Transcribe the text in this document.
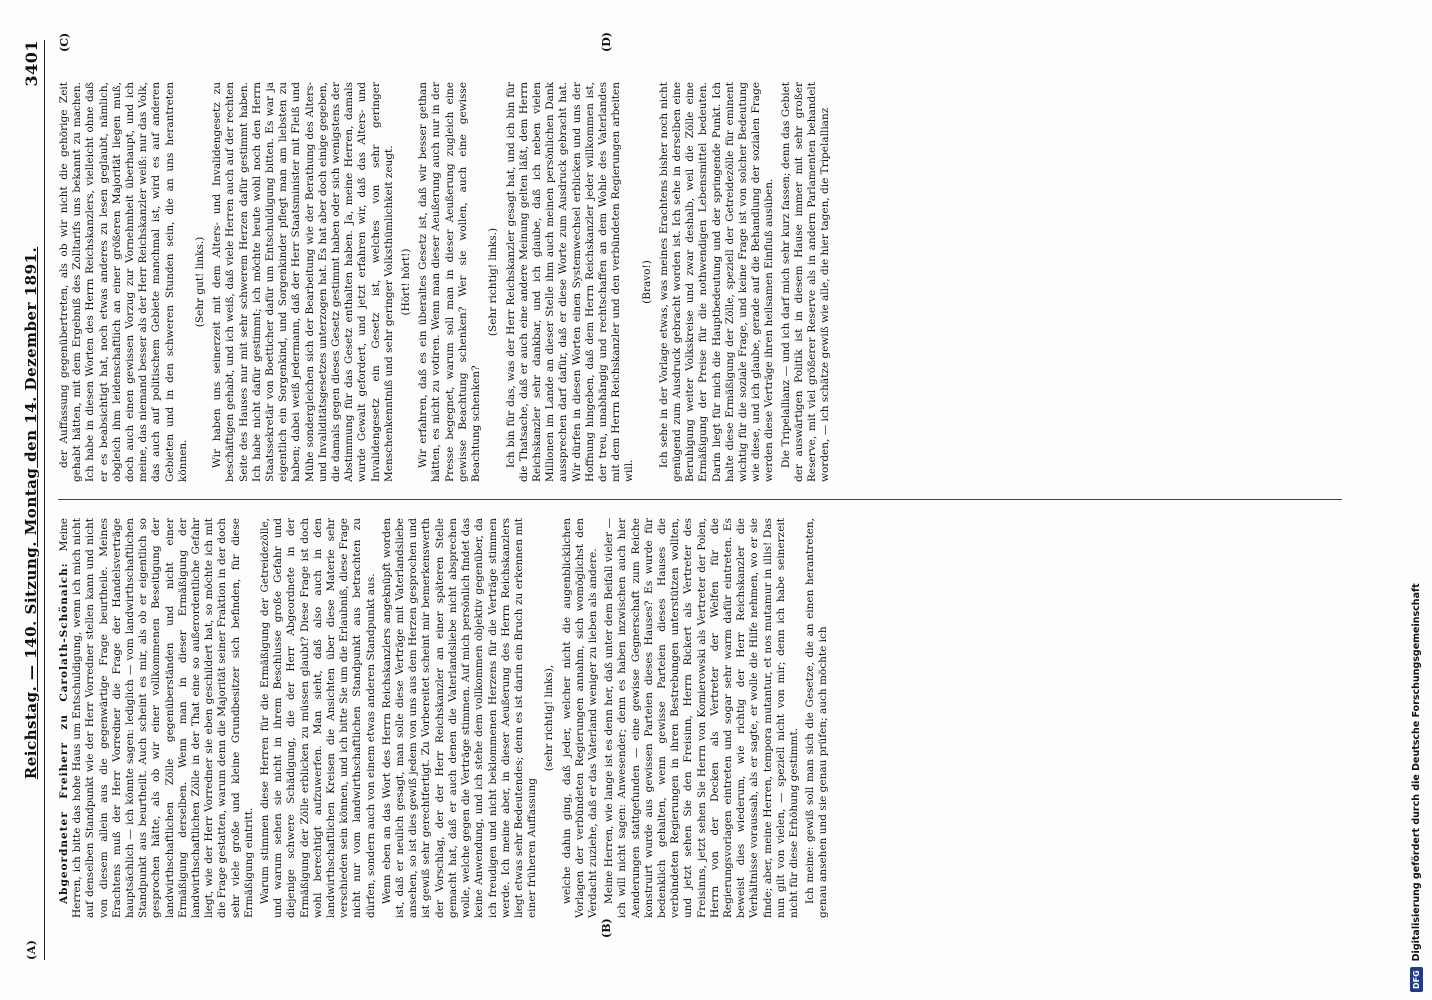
(A)
Reichstag. — 140. Sitzung. Montag den 14. Dezember 1891.
3401
(B)
(C)	(D)

Abgeordneter Freiherr zu Carolath-Schönaich: Meine Herren, ich bitte das hohe Haus um Entschuldigung, wenn ich mich nicht auf denselben Standpunkt wie der Herr Vorredner stellen kann und nicht von diesem allein aus die gegenwärtige Frage beurtheile. Meines Erachtens muß der Herr Vorredner die Frage der Handelsverträge hauptsächlich — ich könnte sagen: lediglich — vom landwirthschaftlichen Standpunkt aus beurtheilt. Auch scheint es mir, als ob er eigentlich so gesprochen hätte, als ob wir einer vollkommenen Beseitigung der landwirthschaftlichen Zölle gegenüberständen und nicht einer Ermäßigung derselben. Wenn man in dieser Ermäßigung der landwirthschaftlichen Zölle in der That eine so außerordentliche Gefahr liegt, wie der Herr Vorredner sie eben geschildert hat, so möchte ich mit die Frage gestatten, warum denn die Majorität seiner Fraktion in der doch sehr viele große und kleine Grundbesitzer sich befinden, für diese Ermäßigung eintritt. Warum stimmen diese Herren für die Ermäßigung der Getreidezölle, und warum sehen sie nicht in ihrem Beschlusse große Gefahr und diejenige schwere Schädigung, die der Herr Abgeordnete in der Ermäßigung der Zölle erblicken zu müssen glaubt? Diese Frage ist doch wohl berechtigt aufzuwerfen. Man sieht, daß also auch in den landwirthschaftlichen Kreisen die Ansichten über diese Materie sehr verschieden sein können, und ich bitte Sie um die Erlaubniß, diese Frage nicht nur vom landwirthschaftlichen Standpunkt aus betrachten zu dürfen, sondern auch von einem etwas anderen Standpunkt aus. Wenn eben an das Wort des Herrn Reichskanzlers angeknüpft worden ist, daß er neulich gesagt, man solle diese Verträge mit Vaterlandsliebe ansehen, so ist dies gewiß jedem von uns aus dem Herzen gesprochen und ist gewiß sehr gerechtfertigt. Zu Vorbereitet scheint mir bemerkenswerth der Vorschlag, der der Herr Reichskanzler an einer späteren Stelle gemacht hat, daß er auch denen die Vaterlandsliebe nicht absprechen wolle, welche gegen die Verträge stimmen. Auf mich persönlich findet das keine Anwendung, und ich stehe dem vollkommen objektiv gegenüber, da ich freudigen und nicht beklommenen Herzens für die Verträge stimmen werde. Ich meine aber, in dieser Aeußerung des Herrn Reichskanzlers liegt etwas sehr Bedeutendes; denn es ist darin ein Bruch zu erkennen mit einer früheren Auffassung

(sehr richtig! links), welche dahin ging, daß jeder, welcher nicht die augenblicklichen Vorlagen der verbündeten Regierungen annahm, sich womöglichst den Verdacht zuziehe, daß er das Vaterland weniger zu lieben als andere. Meine Herren, wie lange ist es denn her, daß unter dem Beifall vieler — ich will nicht sagen: Anwesender; denn es haben inzwischen auch hier Aenderungen stattgefunden — eine gewisse Gegnerschaft zum Reiche konstruirt wurde aus gewissen Parteien dieses Hauses? Es wurde für bedenklich gehalten, wenn gewisse Parteien dieses Hauses die verbündeten Regierungen in ihren Bestrebungen unterstützen wollten, und jetzt sehen Sie den Freisinn, Herrn Rickert als Vertreter des Freisinns, jetzt sehen Sie Herrn von Komierowski als Vertreter der Polen, Herrn von der Decken als Vertreter der Welfen für die Regierungsvorlagen eintreten und sogar sehr warm dafür eintreten. Es beweist dies wiederum, wie richtig der Herr Reichskanzler die Verhältnisse voraussah, als er sagte, er wolle die Hilfe nehmen, wo er sie finde; aber, meine Herren, tempora mutantur, et nos mutamur in illis! Das nun gilt von vielen, — speziell nicht von mir; denn ich habe seinerzeit nicht für diese Erhöhung gestimmt. Ich meine: gewiß soll man sich die Gesetze, die an einen herantreten, genau ansehen und sie genau prüfen; auch möchte ich

der Auffassung gegenübertreten, als ob wir nicht die gehörige Zeit gehabt hätten, mit dem Ergebniß des Zolltarifs uns bekannt zu machen. Ich habe in diesen Worten des Herrn Reichskanzlers, vielleicht ohne daß er es beabsichtigt hat, noch etwas anderes zu lesen geglaubt, nämlich, obgleich ihm leidenschaftlich an einer größeren Majorität liegen muß, doch auch einen gewissen Vorzug zur Vornehmheit überhaupt, und ich meine, das niemand besser als der Herr Reichskanzler weiß: nur das Volk, das auch auf politischem Gebiete manchmal ist, wird es auf anderen Gebieten und in den schweren Stunden sein, die an uns herantreten können.

(Sehr gut! links.) Wir haben uns seinerzeit mit dem Alters- und Invalidengesetz zu beschäftigen gehabt, und ich weiß, daß viele Herren auch auf der rechten Seite des Hauses nur mit sehr schwerem Herzen dafür gestimmt haben. Ich habe nicht dafür gestimmt; ich möchte heute wohl noch den Herrn Staatssekretär von Boetticher dafür um Entschuldigung bitten. Es war ja eigentlich ein Sorgenkind, und Sorgenkinder pflegt man am liebsten zu haben; dabei weiß jedermann, daß der Herr Staatsminister mit Fleiß und Mühe sondergleichen sich der Bearbeitung wie der Berathung des Alters- und Invaliditätsgesetzes unterzogen hat. Es hat aber doch einige gegeben, die damals gegen dieses Gesetz gestimmt haben oder sich wenigstens der Abstimmung für das Gesetz enthalten haben. Ja, meine Herren, damals wurde Gewalt gefordert, und jetzt erfahren wir, daß das Alters- und Invalidengesetz ein Gesetz ist, welches von sehr geringer Menschenkenntniß und sehr geringer Volksthümlichkeit zeugt. (Hört! hört!) Wir erfahren, daß es ein überaltes Gesetz ist, daß wir besser gethan hätten, es nicht zu votiren. Wenn man dieser Aeußerung auch nur in der Presse begegnet, warum soll man in dieser Aeußerung zugleich eine gewisse Beachtung schenken? Wer sie wollen, auch eine gewisse Beachtung schenken?

(Sehr richtig! links.) Ich bin für das, was der Herr Reichskanzler gesagt hat, und ich bin für die Thatsache, daß er auch eine andere Meinung gelten läßt, dem Herrn Reichskanzler sehr dankbar, und ich glaube, daß ich neben vielen Millionen im Lande an dieser Stelle ihm auch meinen persönlichen Dank aussprechen darf dafür, daß er diese Worte zum Ausdruck gebracht hat. Wir dürfen in diesen Worten einen Systemwechsel erblicken und uns der Hoffnung hingeben, daß dem Herrn Reichskanzler jeder willkommen ist, der treu, unabhängig und rechtschaffen an dem Wohle des Vaterlandes mit dem Herrn Reichskanzler und den verbündeten Regierungen arbeiten will.

(Bravo!) Ich sehe in der Vorlage etwas, was meines Erachtens bisher noch nicht genügend zum Ausdruck gebracht worden ist. Ich sehe in derselben eine Beruhigung weiter Volkskreise und zwar deshalb, weil die Zölle eine Ermäßigung der Preise für die nothwendigen Lebensmittel bedeuten. Darin liegt für mich die Hauptbedeutung und der springende Punkt. Ich halte diese Ermäßigung der Zölle, speziell der Getreidezölle für eminent wichtig für die soziale Frage, und keine Frage ist von solcher Bedeutung wie diese, und ich glaube, gerade auf die Behandlung der sozialen Frage werden diese Verträge ihren heilsamen Einfluß ausüben. Die Tripelallianz — und ich darf mich sehr kurz fassen; denn das Gebiet der auswärtigen Politik ist in diesem Hause immer mit sehr großer Reserve, mit viel größerer Reserve als in andern Parlamenten behandelt worden, — ich schätze gewiß wie alle, die hier tagen, die Tripelallianz

DFG
Digitalisierung gefördert durch die Deutsche Forschungsgemeinschaft
